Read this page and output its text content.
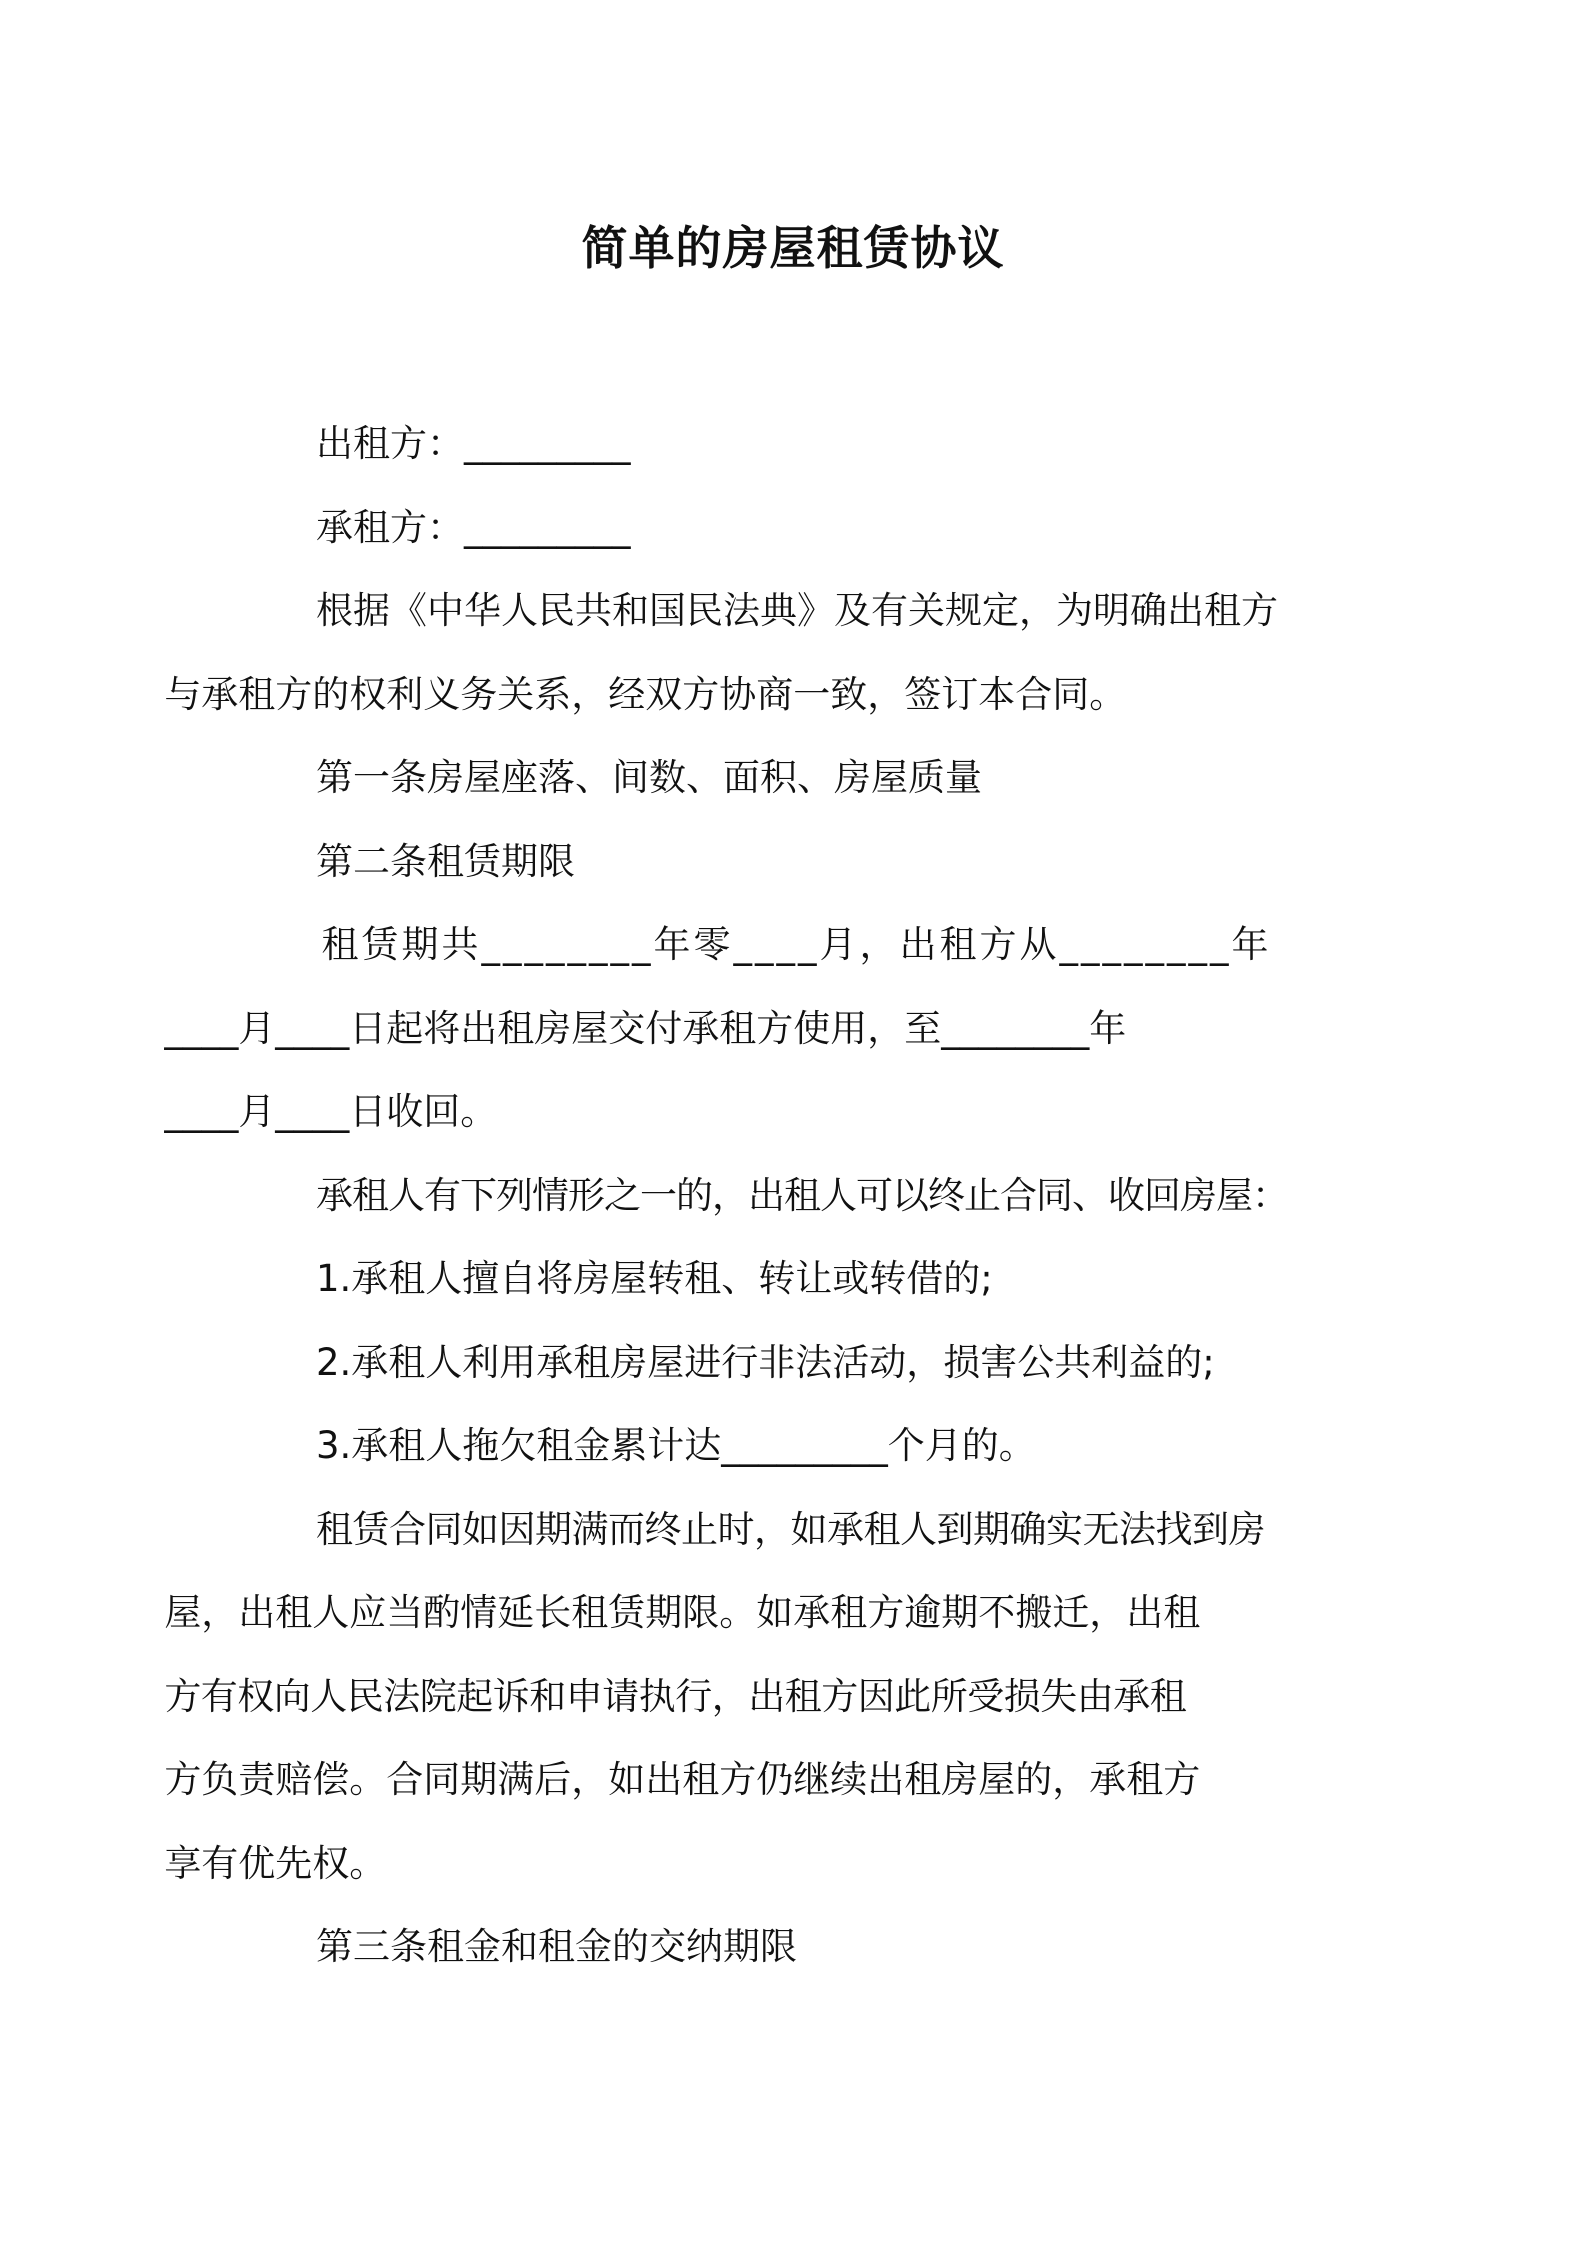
简单的房屋租赁协议

出租方：_________

承租方：_________

根据《中华人民共和国民法典》及有关规定，为明确出租方

与承租方的权利义务关系，经双方协商一致，签订本合同。

第一条房屋座落、间数、面积、房屋质量

第二条租赁期限

租赁期共________年零____月，出租方从________年

____月____日起将出租房屋交付承租方使用，至________年

____月____日收回。

承租人有下列情形之一的，出租人可以终止合同、收回房屋：

1.承租人擅自将房屋转租、转让或转借的;

2.承租人利用承租房屋进行非法活动，损害公共利益的;

3.承租人拖欠租金累计达_________个月的。

租赁合同如因期满而终止时，如承租人到期确实无法找到房

屋，出租人应当酌情延长租赁期限。如承租方逾期不搬迁，出租

方有权向人民法院起诉和申请执行，出租方因此所受损失由承租

方负责赔偿。合同期满后，如出租方仍继续出租房屋的，承租方

享有优先权。

第三条租金和租金的交纳期限
